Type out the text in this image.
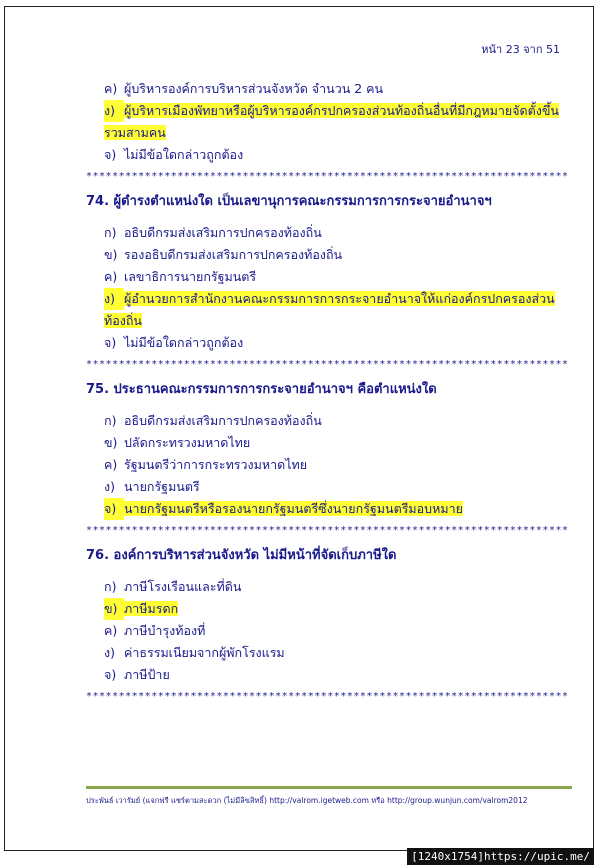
หน้า 23 จาก 51
ค) ผู้บริหารองค์การบริหารส่วนจังหวัด จำนวน 2 คน
ง) ผู้บริหารเมืองพัทยาหรือผู้บริหารองค์กรปกครองส่วนท้องถิ่นอื่นที่มีกฎหมายจัดตั้งขึ้นรวมสามคน
จ) ไม่มีข้อใดกล่าวถูกต้อง
**************************************************************************
74. ผู้ดำรงตำแหน่งใด เป็นเลขานุการคณะกรรมการการกระจายอำนาจฯ
ก) อธิบดีกรมส่งเสริมการปกครองท้องถิ่น
ข) รองอธิบดีกรมส่งเสริมการปกครองท้องถิ่น
ค) เลขาธิการนายกรัฐมนตรี
ง) ผู้อำนวยการสำนักงานคณะกรรมการการกระจายอำนาจให้แก่องค์กรปกครองส่วนท้องถิ่น
จ) ไม่มีข้อใดกล่าวถูกต้อง
**************************************************************************
75. ประธานคณะกรรมการการกระจายอำนาจฯ คือตำแหน่งใด
ก) อธิบดีกรมส่งเสริมการปกครองท้องถิ่น
ข) ปลัดกระทรวงมหาดไทย
ค) รัฐมนตรีว่าการกระทรวงมหาดไทย
ง) นายกรัฐมนตรี
จ) นายกรัฐมนตรีหรือรองนายกรัฐมนตรีซึ่งนายกรัฐมนตรีมอบหมาย
**************************************************************************
76. องค์การบริหารส่วนจังหวัด ไม่มีหน้าที่จัดเก็บภาษีใด
ก) ภาษีโรงเรือนและที่ดิน
ข) ภาษีมรดก
ค) ภาษีบำรุงท้องที่
ง) ค่าธรรมเนียมจากผู้พักโรงแรม
จ) ภาษีป้าย
**************************************************************************
ประพันธ์ เวารัมย์ (แจกฟรี แชร์ตามสะดวก (ไม่มีลิขสิทธิ์) http://valrom.igetweb.com หรือ http://group.wunjun.com/valrom2012
[1240x1754]https://upic.me/
